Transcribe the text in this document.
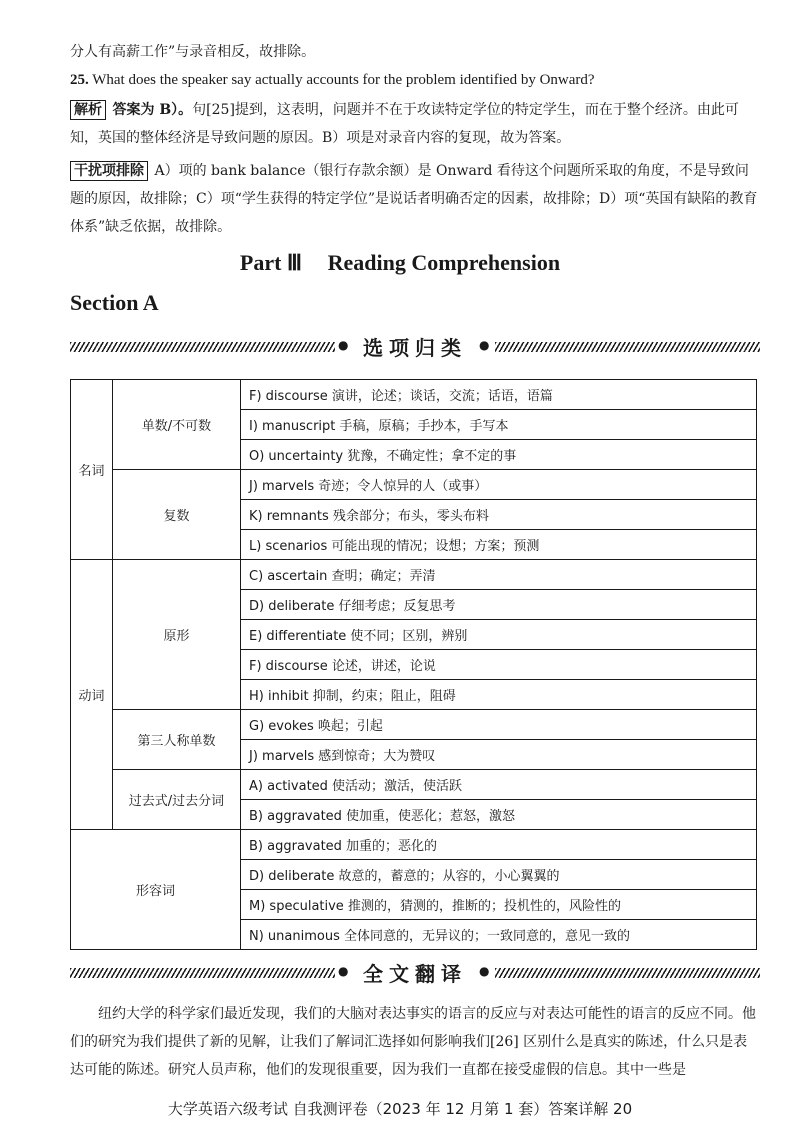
分人有高薪工作”与录音相反，故排除。
25. What does the speaker say actually accounts for the problem identified by Onward?
解析 答案为 B）。句[25]提到，这表明，问题并不在于攻读特定学位的特定学生，而在于整个经济。由此可知，英国的整体经济是导致问题的原因。B）项是对录音内容的复现，故为答案。
干扰项排除 A）项的 bank balance（银行存款余额）是 Onward 看待这个问题所采取的角度，不是导致问题的原因，故排除；C）项“学生获得的特定学位”是说话者明确否定的因素，故排除；D）项“英国有缺陷的教育体系”缺乏依据，故排除。
Part Ⅲ Reading Comprehension
Section A
● 选项归类	●
名词	单数/不可数	F) discourse 演讲，论述；谈话，交流；话语，语篇
		I) manuscript 手稿，原稿；手抄本，手写本
		O) uncertainty 犹豫，不确定性；拿不定的事
	复数	J) marvels 奇迹；令人惊异的人（或事）
		K) remnants 残余部分；布头，零头布料
		L) scenarios 可能出现的情况；设想；方案；预测
动词	原形	C) ascertain 查明；确定；弄清
		D) deliberate 仔细考虑；反复思考
		E) differentiate 使不同；区别，辨别
		F) discourse 论述，讲述，论说
		H) inhibit 抑制，约束；阻止，阻碍
	第三人称单数	G) evokes 唤起；引起
		J) marvels 感到惊奇；大为赞叹
	过去式/过去分词	A) activated 使活动；激活，使活跃
		B) aggravated 使加重，使恶化；惹怒，激怒
形容词		B) aggravated 加重的；恶化的
		D) deliberate 故意的，蓄意的；从容的，小心翼翼的
		M) speculative 推测的，猜测的，推断的；投机性的，风险性的
		N) unanimous 全体同意的，无异议的；一致同意的，意见一致的
● 全文翻译	●
纽约大学的科学家们最近发现，我们的大脑对表达事实的语言的反应与对表达可能性的语言的反应不同。他们的研究为我们提供了新的见解，让我们了解词汇选择如何影响我们[26] 区别什么是真实的陈述，什么只是表达可能的陈述。研究人员声称，他们的发现很重要，因为我们一直都在接受虚假的信息。其中一些是
大学英语六级考试 自我测评卷（2023 年 12 月第 1 套）答案详解 20
